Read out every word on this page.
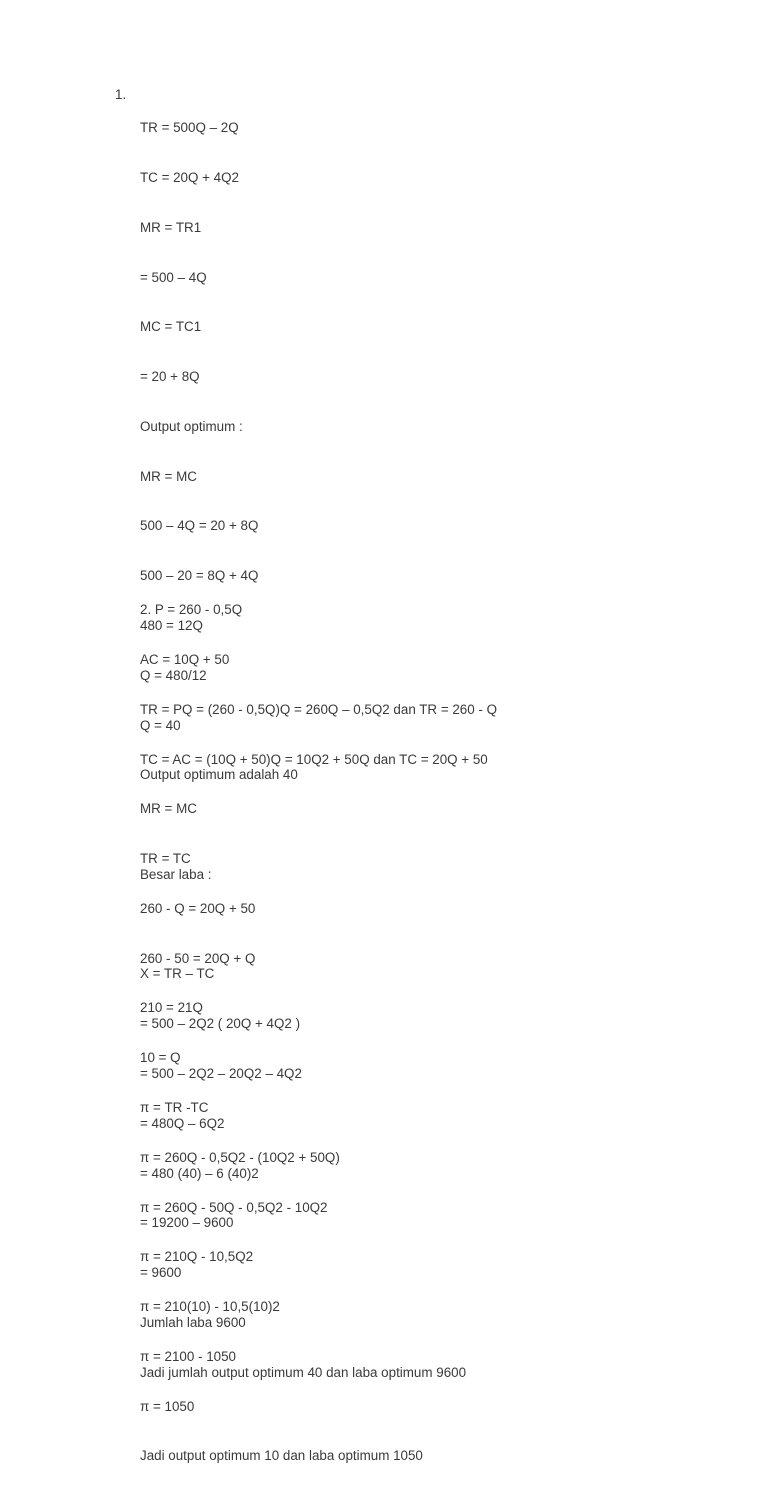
1.

TR = 500Q – 2Q

TC = 20Q + 4Q2

MR = TR1

= 500 – 4Q

MC = TC1

= 20 + 8Q

Output optimum :

MR = MC

500 – 4Q = 20 + 8Q

500 – 20 = 8Q + 4Q

480 = 12Q

Q = 480/12

Q = 40

Output optimum adalah 40

Besar laba :

X = TR – TC

= 500 – 2Q2 ( 20Q + 4Q2 )

= 500 – 2Q2 – 20Q2 – 4Q2

= 480Q – 6Q2

= 480 (40) – 6 (40)2

= 19200 – 9600

= 9600

Jumlah laba 9600

Jadi jumlah output optimum 40 dan laba optimum 9600

2. P = 260 - 0,5Q

AC = 10Q + 50

TR = PQ = (260 - 0,5Q)Q = 260Q – 0,5Q2 dan TR = 260 - Q

TC = AC = (10Q + 50)Q = 10Q2 + 50Q dan TC = 20Q + 50

MR = MC

TR = TC

260 - Q = 20Q + 50

260 - 50 = 20Q + Q

210 = 21Q

10 = Q

π = TR -TC

π = 260Q - 0,5Q2 - (10Q2 + 50Q)

π = 260Q - 50Q - 0,5Q2 - 10Q2

π = 210Q - 10,5Q2

π = 210(10) - 10,5(10)2

π = 2100 - 1050

π = 1050

Jadi output optimum 10 dan laba optimum 1050
